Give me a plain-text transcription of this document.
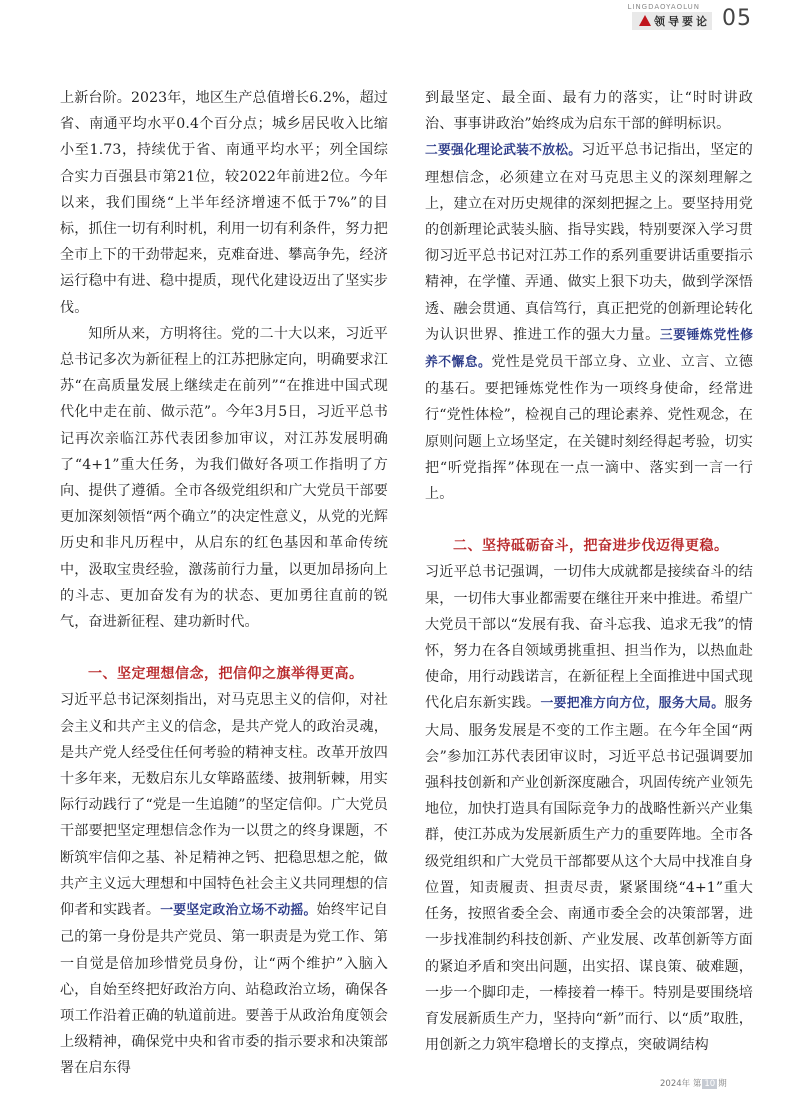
LINGDAOYAOLUN
领导要论 05

上新台阶。2023年，地区生产总值增长6.2%，超过省、南通平均水平0.4个百分点；城乡居民收入比缩小至1.73，持续优于省、南通平均水平；列全国综合实力百强县市第21位，较2022年前进2位。今年以来，我们围绕“上半年经济增速不低于7%”的目标，抓住一切有利时机，利用一切有利条件，努力把全市上下的干劲带起来，克难奋进、攀高争先，经济运行稳中有进、稳中提质，现代化建设迈出了坚实步伐。

知所从来，方明将往。党的二十大以来，习近平总书记多次为新征程上的江苏把脉定向，明确要求江苏“在高质量发展上继续走在前列”“在推进中国式现代化中走在前、做示范”。今年3月5日，习近平总书记再次亲临江苏代表团参加审议，对江苏发展明确了“4+1”重大任务，为我们做好各项工作指明了方向、提供了遵循。全市各级党组织和广大党员干部要更加深刻领悟“两个确立”的决定性意义，从党的光辉历史和非凡历程中，从启东的红色基因和革命传统中，汲取宝贵经验，激荡前行力量，以更加昂扬向上的斗志、更加奋发有为的状态、更加勇往直前的锐气，奋进新征程、建功新时代。

一、坚定理想信念，把信仰之旗举得更高。

习近平总书记深刻指出，对马克思主义的信仰，对社会主义和共产主义的信念，是共产党人的政治灵魂，是共产党人经受住任何考验的精神支柱。改革开放四十多年来，无数启东儿女筚路蓝缕、披荆斩棘，用实际行动践行了“党是一生追随”的坚定信仰。广大党员干部要把坚定理想信念作为一以贯之的终身课题，不断筑牢信仰之基、补足精神之钙、把稳思想之舵，做共产主义远大理想和中国特色社会主义共同理想的信仰者和实践者。一要坚定政治立场不动摇。始终牢记自己的第一身份是共产党员、第一职责是为党工作、第一自觉是倍加珍惜党员身份，让“两个维护”入脑入心，自始至终把好政治方向、站稳政治立场，确保各项工作沿着正确的轨道前进。要善于从政治角度领会上级精神，确保党中央和省市委的指示要求和决策部署在启东得

到最坚定、最全面、最有力的落实，让“时时讲政治、事事讲政治”始终成为启东干部的鲜明标识。

二要强化理论武装不放松。习近平总书记指出，坚定的理想信念，必须建立在对马克思主义的深刻理解之上，建立在对历史规律的深刻把握之上。要坚持用党的创新理论武装头脑、指导实践，特别要深入学习贯彻习近平总书记对江苏工作的系列重要讲话重要指示精神，在学懂、弄通、做实上狠下功夫，做到学深悟透、融会贯通、真信笃行，真正把党的创新理论转化为认识世界、推进工作的强大力量。三要锤炼党性修养不懈怠。党性是党员干部立身、立业、立言、立德的基石。要把锤炼党性作为一项终身使命，经常进行“党性体检”，检视自己的理论素养、党性观念，在原则问题上立场坚定，在关键时刻经得起考验，切实把“听党指挥”体现在一点一滴中、落实到一言一行上。

二、坚持砥砺奋斗，把奋进步伐迈得更稳。

习近平总书记强调，一切伟大成就都是接续奋斗的结果，一切伟大事业都需要在继往开来中推进。希望广大党员干部以“发展有我、奋斗忘我、追求无我”的情怀，努力在各自领域勇挑重担、担当作为，以热血赴使命，用行动践诺言，在新征程上全面推进中国式现代化启东新实践。一要把准方向方位，服务大局。服务大局、服务发展是不变的工作主题。在今年全国“两会”参加江苏代表团审议时，习近平总书记强调要加强科技创新和产业创新深度融合，巩固传统产业领先地位，加快打造具有国际竞争力的战略性新兴产业集群，使江苏成为发展新质生产力的重要阵地。全市各级党组织和广大党员干部都要从这个大局中找准自身位置，知责履责、担责尽责，紧紧围绕“4+1”重大任务，按照省委全会、南通市委全会的决策部署，进一步找准制约科技创新、产业发展、改革创新等方面的紧迫矛盾和突出问题，出实招、谋良策、破难题，一步一个脚印走，一棒接着一棒干。特别是要围绕培育发展新质生产力，坚持向“新”而行、以“质”取胜，用创新之力筑牢稳增长的支撑点，突破调结构

2024年 第 10 期
